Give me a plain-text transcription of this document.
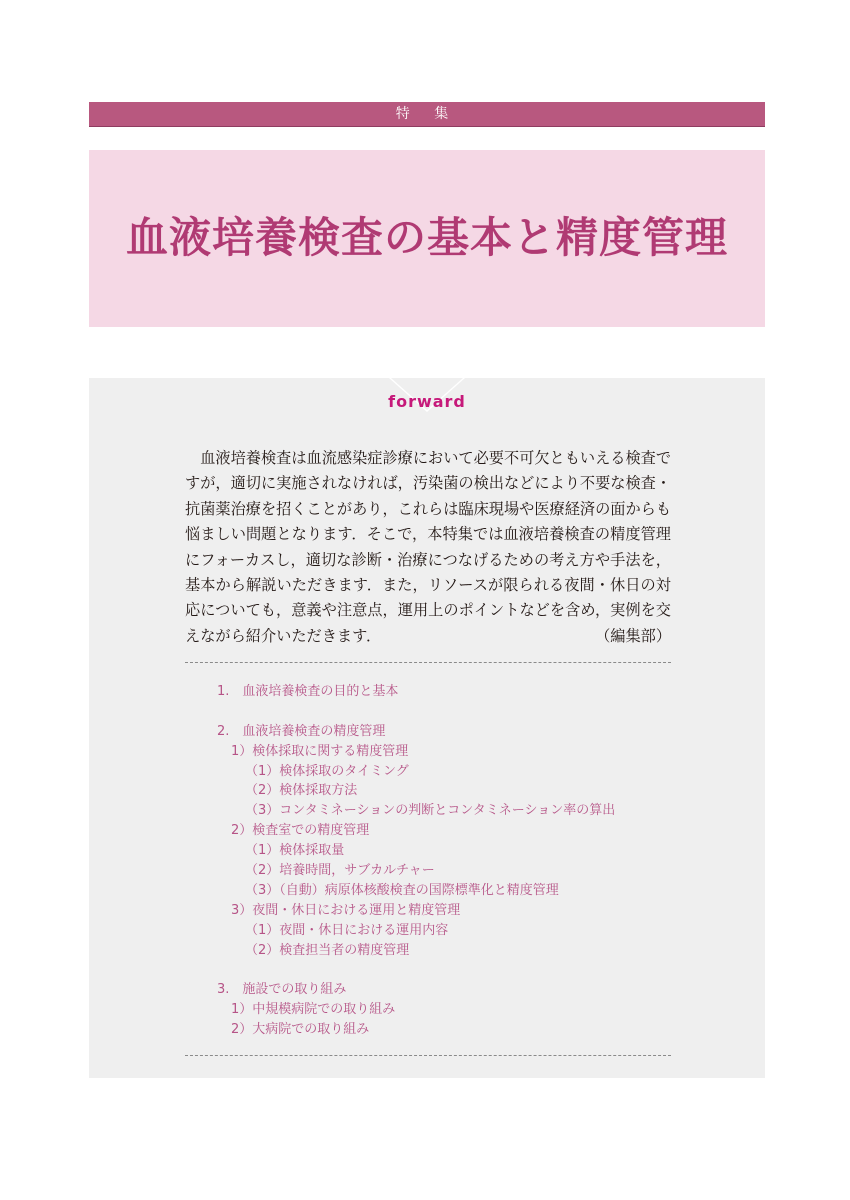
特 集
血液培養検査の基本と精度管理
forward

血液培養検査は血流感染症診療において必要不可欠ともいえる検査ですが，適切に実施されなければ，汚染菌の検出などにより不要な検査・抗菌薬治療を招くことがあり，これらは臨床現場や医療経済の面からも悩ましい問題となります．そこで，本特集では血液培養検査の精度管理にフォーカスし，適切な診断・治療につなげるための考え方や手法を，基本から解説いただきます．また，リソースが限られる夜間・休日の対応についても，意義や注意点，運用上のポイントなどを含め，実例を交えながら紹介いただきます．	（編集部）

1.　血液培養検査の目的と基本
2.　血液培養検査の精度管理
1）検体採取に関する精度管理
（1）検体採取のタイミング
（2）検体採取方法
（3）コンタミネーションの判断とコンタミネーション率の算出
2）検査室での精度管理
（1）検体採取量
（2）培養時間，サブカルチャー
（3）（自動）病原体核酸検査の国際標準化と精度管理
3）夜間・休日における運用と精度管理
（1）夜間・休日における運用内容
（2）検査担当者の精度管理
3.　施設での取り組み
1）中規模病院での取り組み
2）大病院での取り組み
